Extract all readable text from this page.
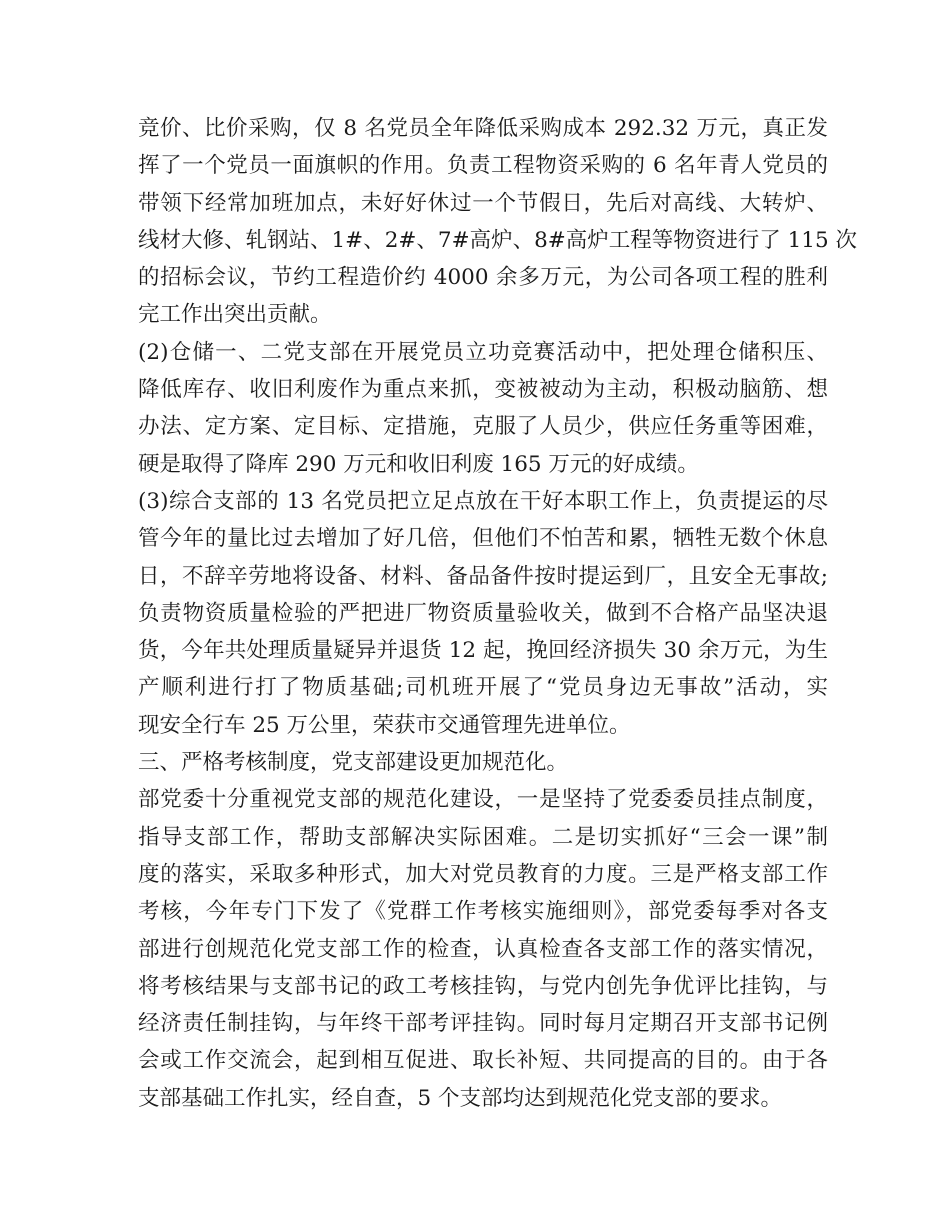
竞价、比价采购，仅 8 名党员全年降低采购成本 292.32 万元，真正发
挥了一个党员一面旗帜的作用。负责工程物资采购的 6 名年青人党员的
带领下经常加班加点，未好好休过一个节假日，先后对高线、大转炉、
线材大修、轧钢站、1#、2#、7#高炉、8#高炉工程等物资进行了 115 次
的招标会议，节约工程造价约 4000 余多万元，为公司各项工程的胜利
完工作出突出贡献。
(2)仓储一、二党支部在开展党员立功竞赛活动中，把处理仓储积压、
降低库存、收旧利废作为重点来抓，变被被动为主动，积极动脑筋、想
办法、定方案、定目标、定措施，克服了人员少，供应任务重等困难，
硬是取得了降库 290 万元和收旧利废 165 万元的好成绩。
(3)综合支部的 13 名党员把立足点放在干好本职工作上，负责提运的尽
管今年的量比过去增加了好几倍，但他们不怕苦和累，牺牲无数个休息
日，不辞辛劳地将设备、材料、备品备件按时提运到厂，且安全无事故;
负责物资质量检验的严把进厂物资质量验收关，做到不合格产品坚决退
货，今年共处理质量疑异并退货 12 起，挽回经济损失 30 余万元，为生
产顺利进行打了物质基础;司机班开展了“党员身边无事故”活动，实
现安全行车 25 万公里，荣获市交通管理先进单位。
三、严格考核制度，党支部建设更加规范化。
部党委十分重视党支部的规范化建设，一是坚持了党委委员挂点制度，
指导支部工作，帮助支部解决实际困难。二是切实抓好“三会一课”制
度的落实，采取多种形式，加大对党员教育的力度。三是严格支部工作
考核，今年专门下发了《党群工作考核实施细则》，部党委每季对各支
部进行创规范化党支部工作的检查，认真检查各支部工作的落实情况，
将考核结果与支部书记的政工考核挂钩，与党内创先争优评比挂钩，与
经济责任制挂钩，与年终干部考评挂钩。同时每月定期召开支部书记例
会或工作交流会，起到相互促进、取长补短、共同提高的目的。由于各
支部基础工作扎实，经自查，5 个支部均达到规范化党支部的要求。
